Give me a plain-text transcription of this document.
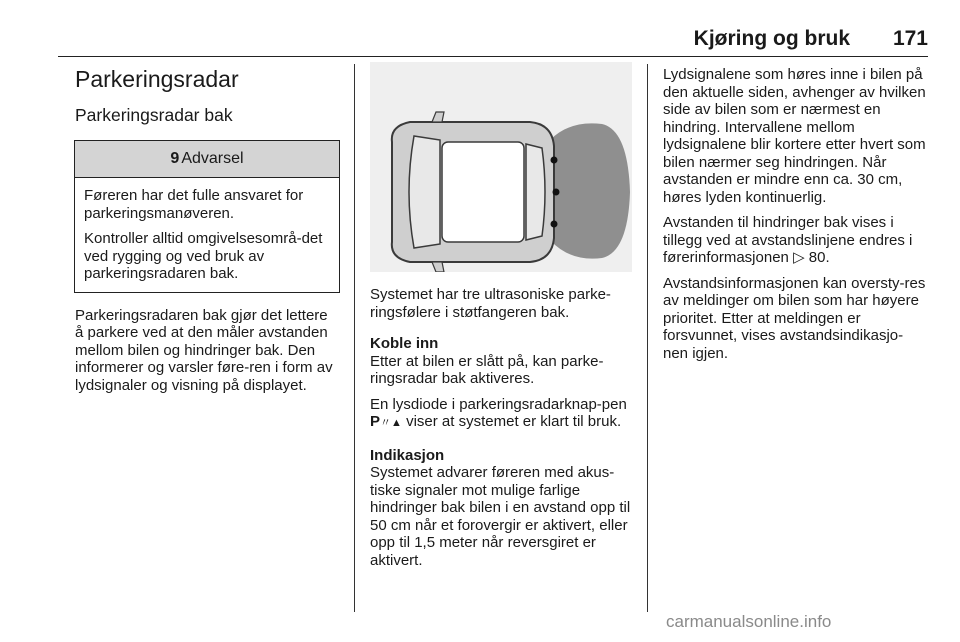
Kjøring og bruk 171
Parkeringsradar
Parkeringsradar bak
9 Advarsel

Føreren har det fulle ansvaret for parkeringsmanøveren.

Kontroller alltid omgivelsesområ-det ved rygging og ved bruk av parkeringsradaren bak.

Parkeringsradaren bak gjør det lettere å parkere ved at den måler avstanden mellom bilen og hindringer bak. Den informerer og varsler føre-ren i form av lydsignaler og visning på displayet.

Systemet har tre ultrasoniske parke-ringsfølere i støtfangeren bak.

Koble inn

Etter at bilen er slått på, kan parke-ringsradar bak aktiveres.

En lysdiode i parkeringsradarknap-pen P〃▲ viser at systemet er klart til bruk.

Indikasjon

Systemet advarer føreren med akus-tiske signaler mot mulige farlige hindringer bak bilen i en avstand opp til 50 cm når et forovergir er aktivert, eller opp til 1,5 meter når reversgiret er aktivert.

Lydsignalene som høres inne i bilen på den aktuelle siden, avhenger av hvilken side av bilen som er nærmest en hindring. Intervallene mellom lydsignalene blir kortere etter hvert som bilen nærmer seg hindringen. Når avstanden er mindre enn ca. 30 cm, høres lyden kontinuerlig.

Avstanden til hindringer bak vises i tillegg ved at avstandslinjene endres i førerinformasjonen ▷ 80.

Avstandsinformasjonen kan oversty-res av meldinger om bilen som har høyere prioritet. Etter at meldingen er forsvunnet, vises avstandsindikasjo-nen igjen.

carmanualsonline.info
